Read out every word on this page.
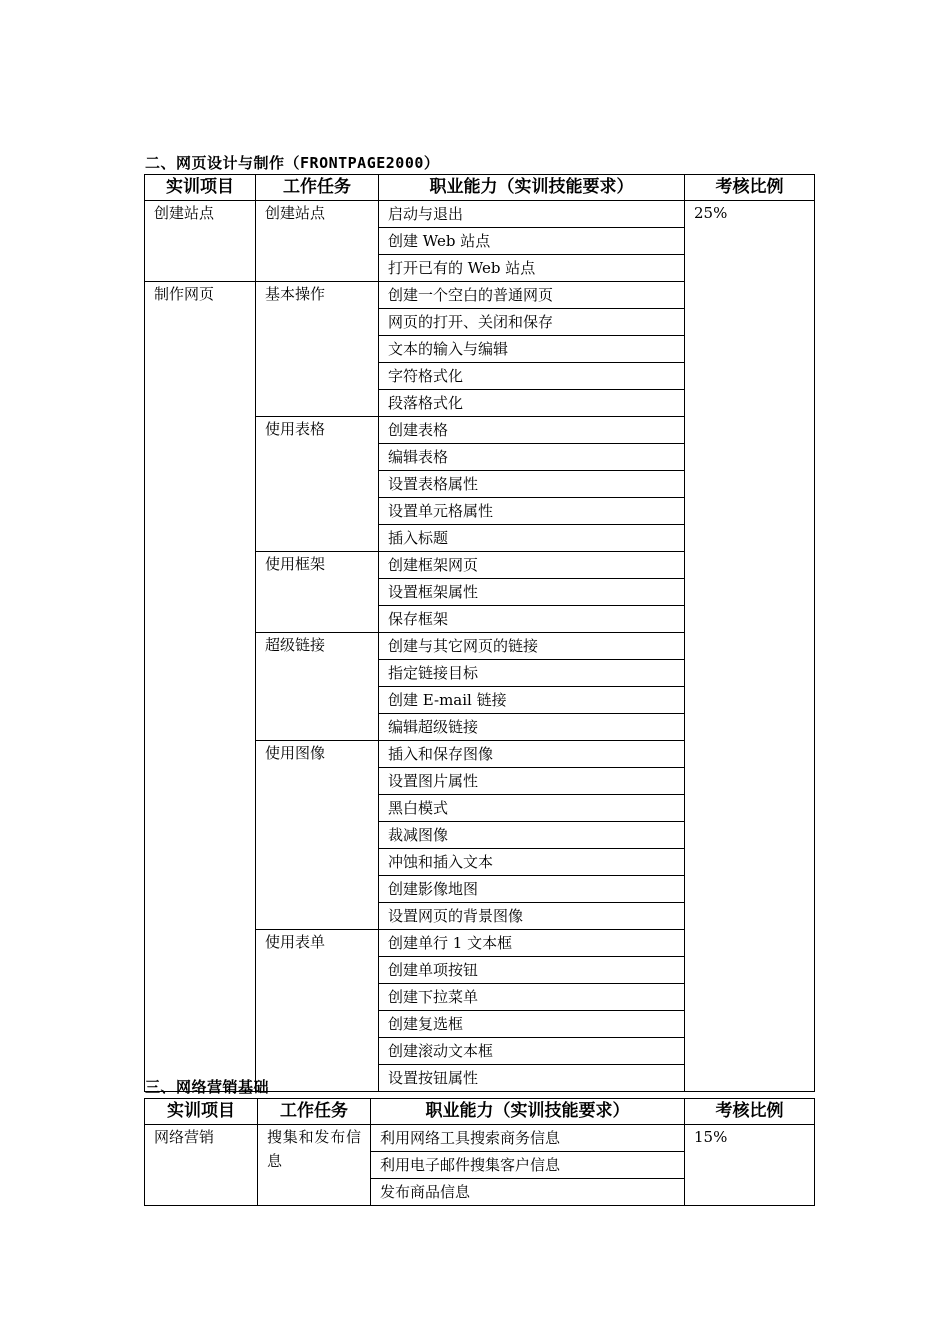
二、网页设计与制作（FRONTPAGE2000）
实训项目	工作任务	职业能力（实训技能要求）	考核比例
创建站点	创建站点	启动与退出	25%
		创建 Web 站点	
		打开已有的 Web 站点	
制作网页	基本操作	创建一个空白的普通网页	
		网页的打开、关闭和保存	
		文本的输入与编辑	
		字符格式化	
		段落格式化	
	使用表格	创建表格	
		编辑表格	
		设置表格属性	
		设置单元格属性	
		插入标题	
	使用框架	创建框架网页	
		设置框架属性	
		保存框架	
	超级链接	创建与其它网页的链接	
		指定链接目标	
		创建 E-mail 链接	
		编辑超级链接	
	使用图像	插入和保存图像	
		设置图片属性	
		黑白模式	
		裁减图像	
		冲蚀和插入文本	
		创建影像地图	
		设置网页的背景图像	
	使用表单	创建单行 1 文本框	
		创建单项按钮	
		创建下拉菜单	
		创建复选框	
		创建滚动文本框	
		设置按钮属性	
三、网络营销基础
实训项目	工作任务	职业能力（实训技能要求）	考核比例
网络营销	搜集和发布信息	利用网络工具搜索商务信息	15%
		利用电子邮件搜集客户信息	
		发布商品信息	
